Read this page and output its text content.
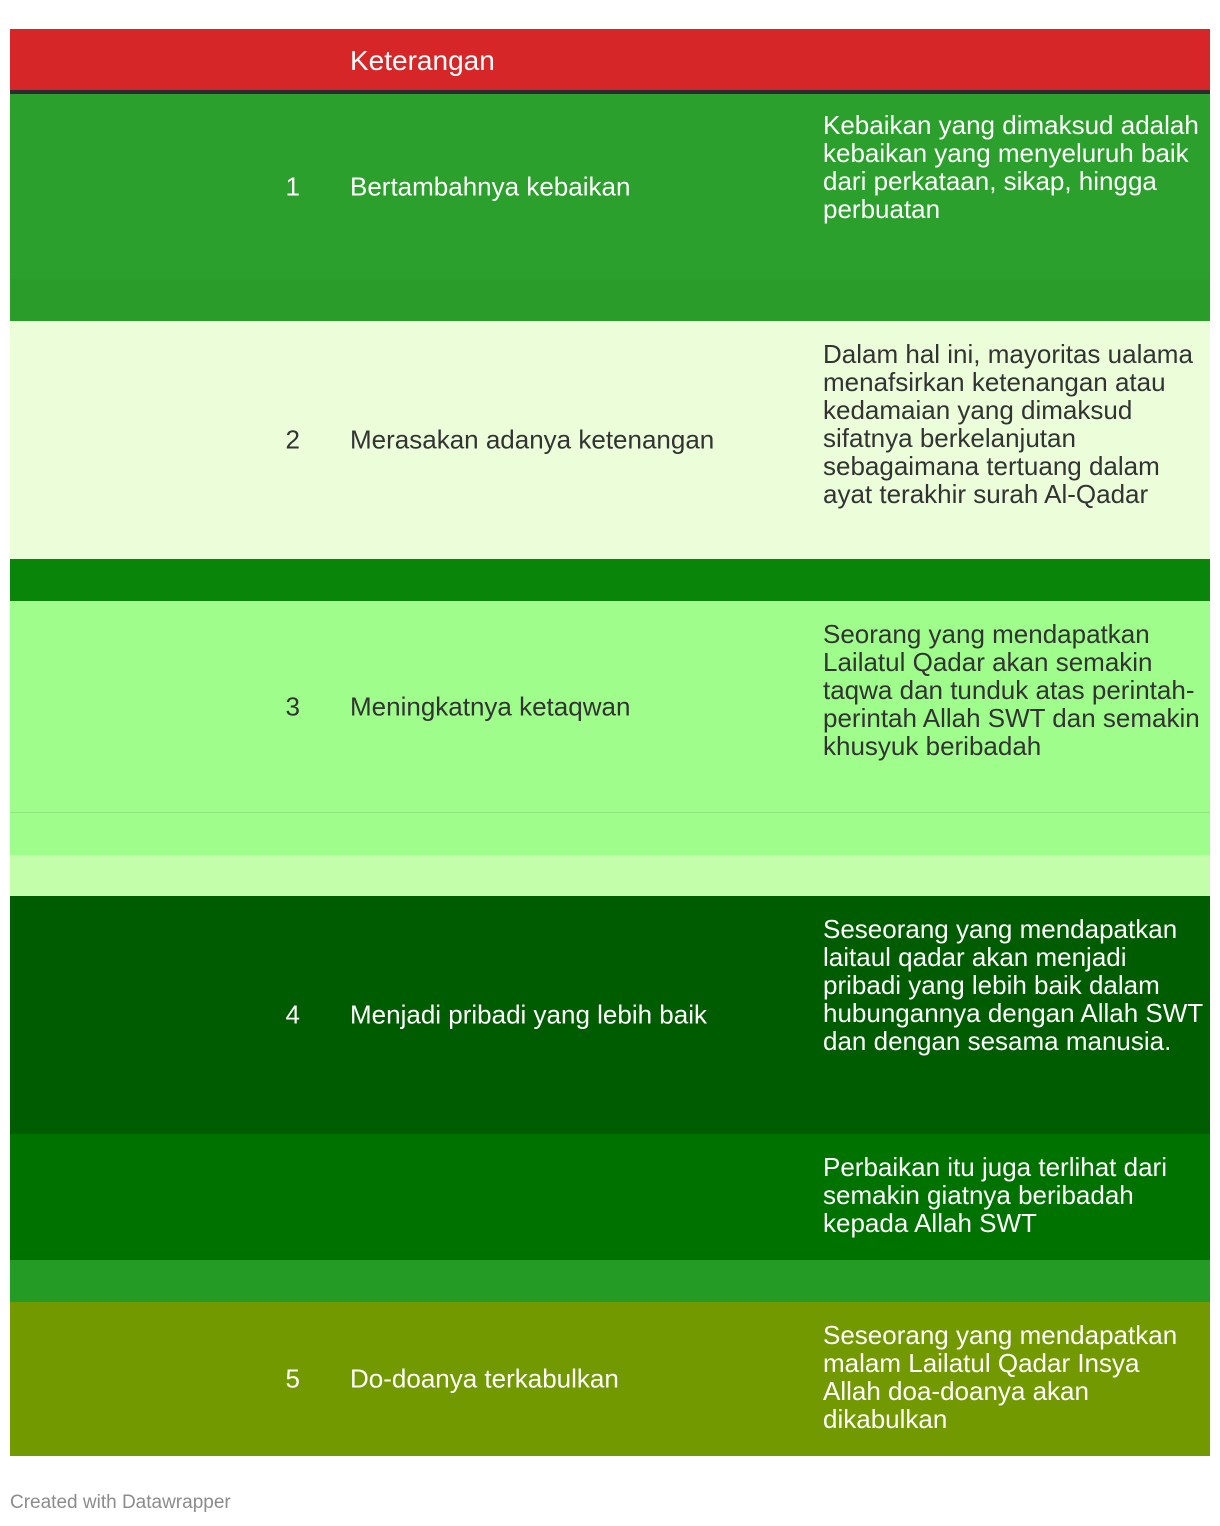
Keterangan
1 Bertambahnya kebaikan
Kebaikan yang dimaksud adalah kebaikan yang menyeluruh baik dari perkataan, sikap, hingga perbuatan
2 Merasakan adanya ketenangan
Dalam hal ini, mayoritas ualama menafsirkan ketenangan atau kedamaian yang dimaksud sifatnya berkelanjutan sebagaimana tertuang dalam ayat terakhir surah Al-Qadar
3 Meningkatnya ketaqwan
Seorang yang mendapatkan Lailatul Qadar akan semakin taqwa dan tunduk atas perintah-perintah Allah SWT dan semakin khusyuk beribadah
4 Menjadi pribadi yang lebih baik
Seseorang yang mendapatkan laitaul qadar akan menjadi pribadi yang lebih baik dalam hubungannya dengan Allah SWT dan dengan sesama manusia.
Perbaikan itu juga terlihat dari semakin giatnya beribadah kepada Allah SWT
5 Do-doanya terkabulkan
Seseorang yang mendapatkan malam Lailatul Qadar Insya Allah doa-doanya akan dikabulkan
Created with Datawrapper
